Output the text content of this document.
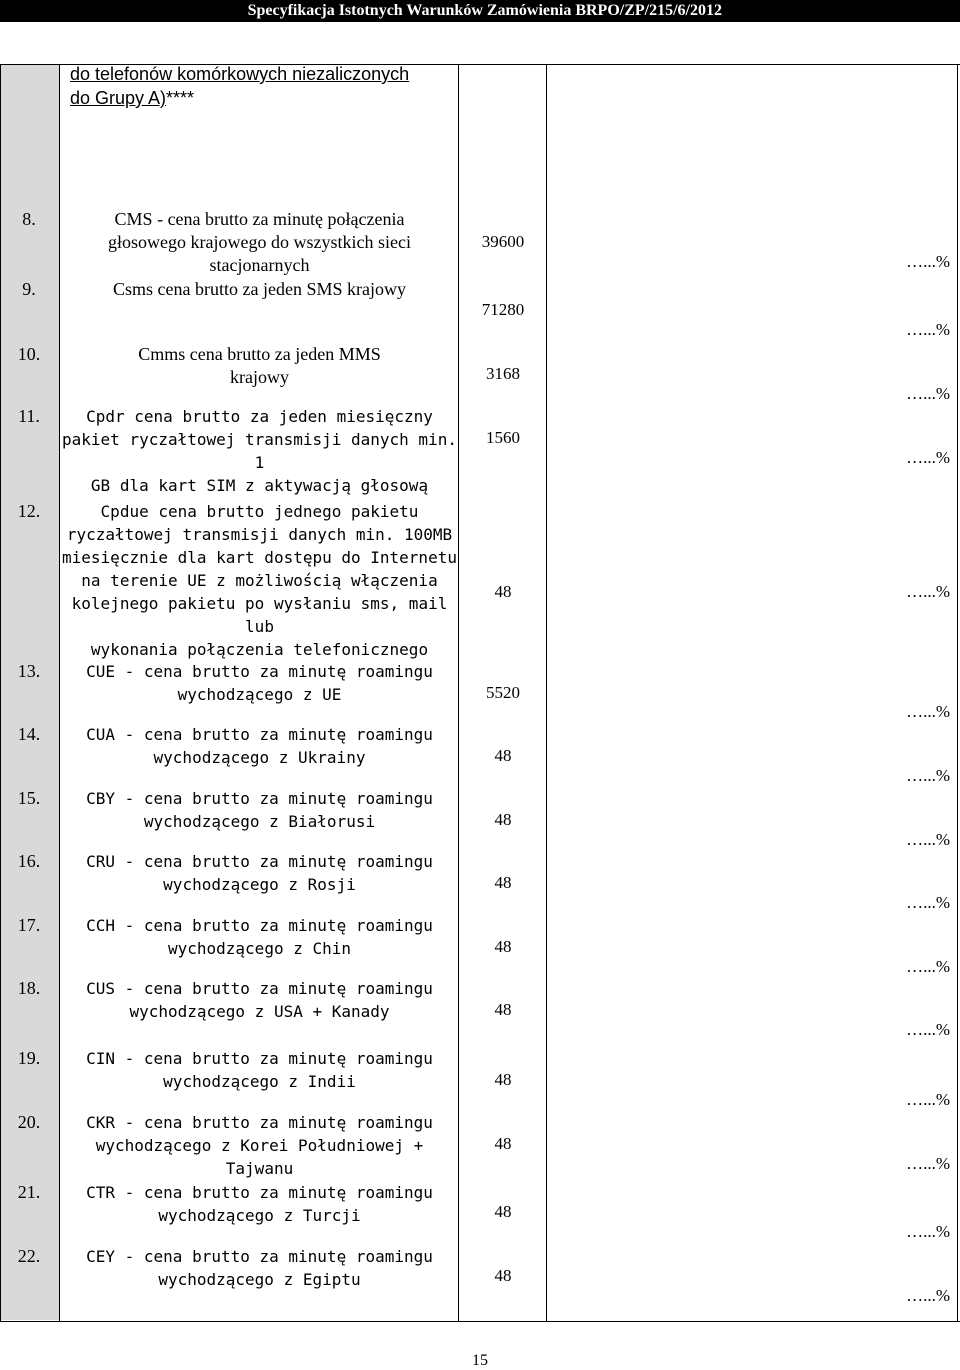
Specyfikacja Istotnych Warunków Zamówienia BRPO/ZP/215/6/2012
do telefonów komórkowych niezaliczonych
do Grupy A)****
8.	CMS - cena brutto za minutę połączenia
głosowego krajowego do wszystkich sieci
stacjonarnych
39600
…...%
9.	Csms cena brutto za jeden SMS krajowy
71280
…...%
10.	Cmms cena brutto za jeden MMS
krajowy	3168
…...%
11.	Cpdr cena brutto za jeden miesięczny
pakiet ryczałtowej transmisji danych min. 1
GB dla kart SIM z aktywacją głosową
1560
…...%
12.	Cpdue cena brutto jednego pakietu
ryczałtowej transmisji danych min. 100MB
miesięcznie dla kart dostępu do Internetu
na terenie UE z możliwością włączenia
kolejnego pakietu po wysłaniu sms, mail lub
wykonania połączenia telefonicznego
48	…...%
13.	CUE - cena brutto za minutę roamingu
wychodzącego z UE	5520
…...%
14.	CUA - cena brutto za minutę roamingu
wychodzącego z Ukrainy	48
…...%
15.	CBY - cena brutto za minutę roamingu
wychodzącego z Białorusi	48
…...%
16.	CRU - cena brutto za minutę roamingu
wychodzącego z Rosji	48
…...%
17.	CCH - cena brutto za minutę roamingu
wychodzącego z Chin	48
…...%
18.	CUS - cena brutto za minutę roamingu
wychodzącego z USA + Kanady	48
…...%
19.	CIN - cena brutto za minutę roamingu
wychodzącego z Indii	48
…...%
20.	CKR - cena brutto za minutę roamingu
wychodzącego z Korei Południowej +
Tajwanu
48
…...%
21.	CTR - cena brutto za minutę roamingu
wychodzącego z Turcji	48
…...%
22.	CEY - cena brutto za minutę roamingu
wychodzącego z Egiptu	48
…...%
15
